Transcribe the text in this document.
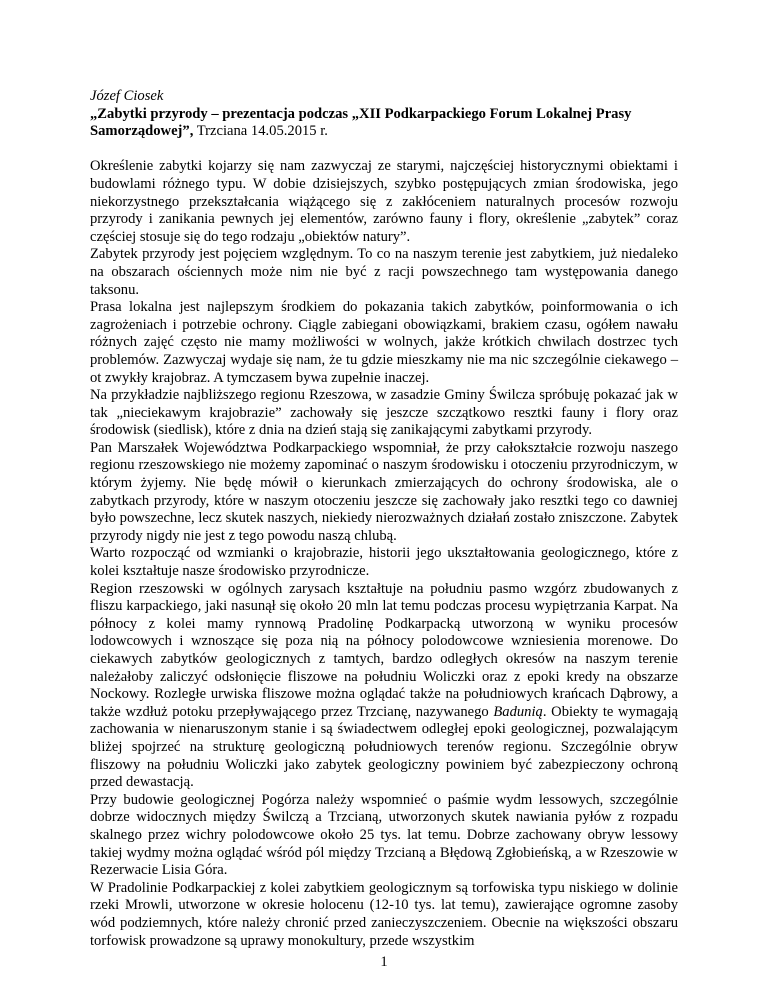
Józef Ciosek
„Zabytki przyrody – prezentacja podczas „XII Podkarpackiego Forum Lokalnej Prasy Samorządowej”, Trzciana 14.05.2015 r.

Określenie zabytki kojarzy się nam zazwyczaj ze starymi, najczęściej historycznymi obiektami i budowlami różnego typu. W dobie dzisiejszych, szybko postępujących zmian środowiska, jego niekorzystnego przekształcania wiążącego się z zakłóceniem naturalnych procesów rozwoju przyrody i zanikania pewnych jej elementów, zarówno fauny i flory, określenie „zabytek” coraz częściej stosuje się do tego rodzaju „obiektów natury”.

Zabytek przyrody jest pojęciem względnym. To co na naszym terenie jest zabytkiem, już niedaleko na obszarach ościennych może nim nie być z racji powszechnego tam występowania danego taksonu.

Prasa lokalna jest najlepszym środkiem do pokazania takich zabytków, poinformowania o ich zagrożeniach i potrzebie ochrony. Ciągle zabiegani obowiązkami, brakiem czasu, ogółem nawału różnych zajęć często nie mamy możliwości w wolnych, jakże krótkich chwilach dostrzec tych problemów. Zazwyczaj wydaje się nam, że tu gdzie mieszkamy nie ma nic szczególnie ciekawego – ot zwykły krajobraz. A tymczasem bywa zupełnie inaczej.

Na przykładzie najbliższego regionu Rzeszowa, w zasadzie Gminy Świlcza spróbuję pokazać jak w tak „nieciekawym krajobrazie” zachowały się jeszcze szczątkowo resztki fauny i flory oraz środowisk (siedlisk), które z dnia na dzień stają się zanikającymi zabytkami przyrody.

Pan Marszałek Województwa Podkarpackiego wspomniał, że przy całokształcie rozwoju naszego regionu rzeszowskiego nie możemy zapominać o naszym środowisku i otoczeniu przyrodniczym, w którym żyjemy. Nie będę mówił o kierunkach zmierzających do ochrony środowiska, ale o zabytkach przyrody, które w naszym otoczeniu jeszcze się zachowały jako resztki tego co dawniej było powszechne, lecz skutek naszych, niekiedy nierozważnych działań zostało zniszczone. Zabytek przyrody nigdy nie jest z tego powodu naszą chlubą.

Warto rozpocząć od wzmianki o krajobrazie, historii jego ukształtowania geologicznego, które z kolei kształtuje nasze środowisko przyrodnicze.

Region rzeszowski w ogólnych zarysach kształtuje na południu pasmo wzgórz zbudowanych z fliszu karpackiego, jaki nasunął się około 20 mln lat temu podczas procesu wypiętrzania Karpat. Na północy z kolei mamy rynnową Pradolinę Podkarpacką utworzoną w wyniku procesów lodowcowych i wznoszące się poza nią na północy polodowcowe wzniesienia morenowe. Do ciekawych zabytków geologicznych z tamtych, bardzo odległych okresów na naszym terenie należałoby zaliczyć odsłonięcie fliszowe na południu Woliczki oraz z epoki kredy na obszarze Nockowy. Rozległe urwiska fliszowe można oglądać także na południowych krańcach Dąbrowy, a także wzdłuż potoku przepływającego przez Trzcianę, nazywanego Badunią. Obiekty te wymagają zachowania w nienaruszonym stanie i są świadectwem odległej epoki geologicznej, pozwalającym bliżej spojrzeć na strukturę geologiczną południowych terenów regionu. Szczególnie obryw fliszowy na południu Woliczki jako zabytek geologiczny powiniem być zabezpieczony ochroną przed dewastacją.

Przy budowie geologicznej Pogórza należy wspomnieć o paśmie wydm lessowych, szczególnie dobrze widocznych między Świlczą a Trzcianą, utworzonych skutek nawiania pyłów z rozpadu skalnego przez wichry polodowcowe około 25 tys. lat temu. Dobrze zachowany obryw lessowy takiej wydmy można oglądać wśród pól między Trzcianą a Błędową Zgłobieńską, a w Rzeszowie w Rezerwacie Lisia Góra.

W Pradolinie Podkarpackiej z kolei zabytkiem geologicznym są torfowiska typu niskiego w dolinie rzeki Mrowli, utworzone w okresie holocenu (12-10 tys. lat temu), zawierające ogromne zasoby wód podziemnych, które należy chronić przed zanieczyszczeniem. Obecnie na większości obszaru torfowisk prowadzone są uprawy monokultury, przede wszystkim

1
